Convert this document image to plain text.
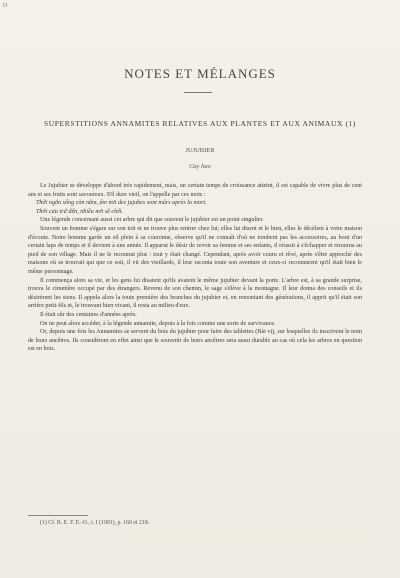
O
NOTES ET MÉLANGES
SUPERSTITIONS ANNAMITES RELATIVES AUX PLANTES ET AUX ANIMAUX (1)
JUJUBIER
Cay hao

Le Jujubier se développe d'abord très rapidement, mais, un certain temps de croissance atteint, il est capable de vivre plus de cent ans et ses fruits sont savoureux. S'il dure vieil, on l'appelle par ces mots :

Thời ngắn sống còn năm, âm nơi des jujubes sont mûrs après la mort.

Thời cưa trứ đến, nhiều nơi sẽ chết.

Une légende concernant aussi cet arbre qui dit que souvent le jujubier est un point singulier.

Souvent un homme s'égare sur son toit et ne trouve plus rentrer chez lui; elles lui disent et le bien, elles le décèlent à votre maison d'écoute. Notre homme garde un sil plein à sa couronne, observe qu'il ne connaît d'où ne tombent pas les accessoires, au bout d'un certain laps de temps et il devient à une année. Il apparut le désir de revoir sa femme et ses enfants, il réussit à s'échapper et retourna au pied de son village. Mais il ne le reconnut plus : tout y était changé. Cependant, après avoir couru et rêvé, après s'être approché des maisons où se trouvait qui que ce soit, il vit des vieillards, il leur raconta toute son aventure et ceux-ci reconnurent qu'il était bien le même personnage.

Il commença alors sa vie, et les gens lui disaient qu'ils avaient le même jujubier devant la porte. L'arbre est, à sa grande surprise, trouva le cimetière occupé par des étrangers. Revenu de son chemin, le sage s'élève à la montagne. Il leur donna des conseils et ils désirèrent les siens. Il appela alors la toute première des branches du jujubier et, en remontant des générations, il apprit qu'il était son arrière petit-fils et, le trouvant bien vivant, il resta au milieu d'eux.

Il était sûr des centaines d'années après.

On ne peut alors accéder, à la légende annamite, depuis à la fois comme une sorte de survivance.

Or, depuis une fois les Annamites se servent du bois du jujubier pour faire des tablettes (Bài vị), sur lesquelles ils inscrivent le nom de leurs ancêtres. Ils considèrent en effet ainsi que le souvenir de leurs ancêtres sera aussi durable au cas où cela les arbres en question est en bois.

(1) Cf. B. E. F. E.-O., t. I (1901), p. 160 et 218.
